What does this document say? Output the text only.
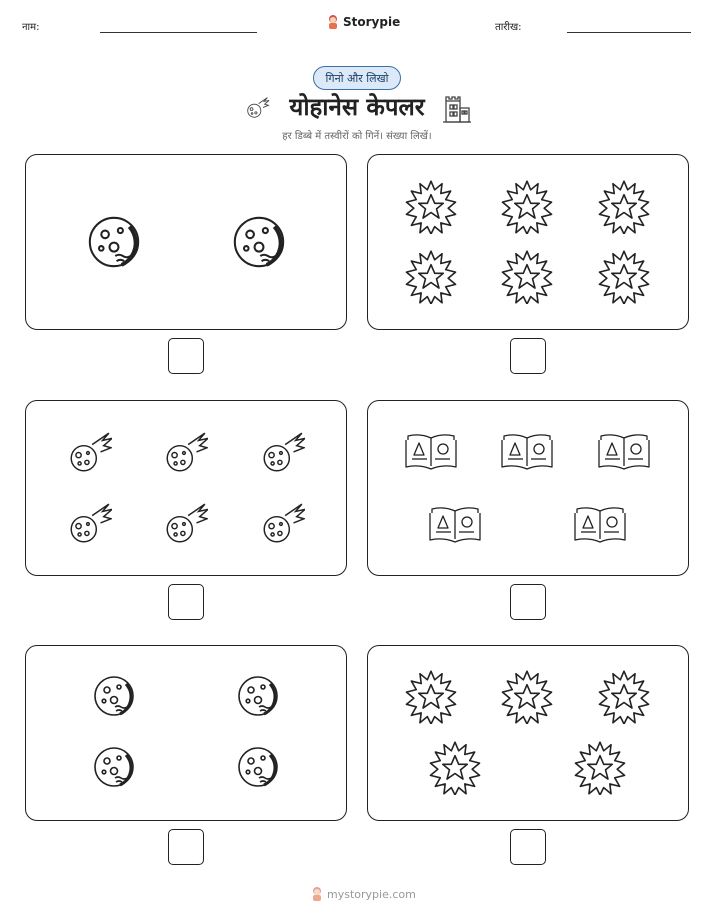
नाम:	Storypie	तारीख:
गिनो और लिखो
योहानेस केपलर
हर डिब्बे में तस्वीरों को गिनें। संख्या लिखें।
mystorypie.com
